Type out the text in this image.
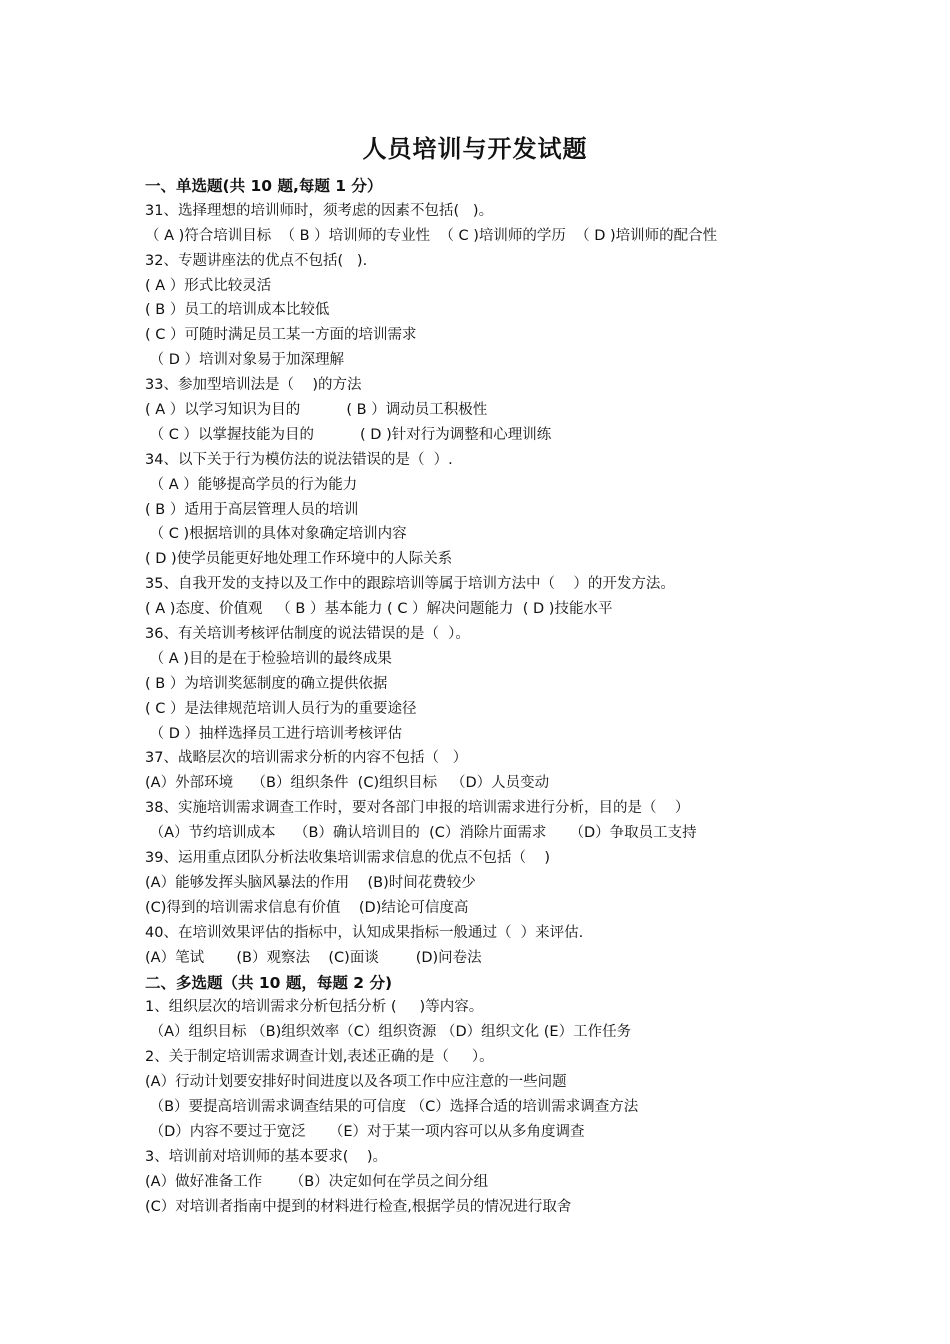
人员培训与开发试题
一、单选题(共 10 题,每题 1 分）
31、选择理想的培训师时，须考虑的因素不包括(   )。
（ A )符合培训目标  （ B ）培训师的专业性  （ C )培训师的学历  （ D )培训师的配合性
32、专题讲座法的优点不包括(   ).
( A ）形式比较灵活
( B ）员工的培训成本比较低
( C ）可随时满足员工某一方面的培训需求
（ D ）培训对象易于加深理解
33、参加型培训法是（    )的方法
( A ）以学习知识为目的          ( B ）调动员工积极性
（ C ）以掌握技能为目的          ( D )针对行为调整和心理训练
34、以下关于行为模仿法的说法错误的是（  ）.
（ A ）能够提高学员的行为能力
( B ）适用于高层管理人员的培训
（ C )根据培训的具体对象确定培训内容
( D )使学员能更好地处理工作环境中的人际关系
35、自我开发的支持以及工作中的跟踪培训等属于培训方法中（    ）的开发方法。
( A )态度、价值观   （ B ）基本能力 ( C ）解决问题能力  ( D )技能水平
36、有关培训考核评估制度的说法错误的是（  ）。
（ A )目的是在于检验培训的最终成果
( B ）为培训奖惩制度的确立提供依据
( C ）是法律规范培训人员行为的重要途径
（ D ）抽样选择员工进行培训考核评估
37、战略层次的培训需求分析的内容不包括（   ）
(A）外部环境    （B）组织条件  (C)组织目标   （D）人员变动
38、实施培训需求调查工作时，要对各部门申报的培训需求进行分析，目的是（    ）
（A）节约培训成本    （B）确认培训目的  (C）消除片面需求     （D）争取员工支持
39、运用重点团队分析法收集培训需求信息的优点不包括（    )
(A）能够发挥头脑风暴法的作用    (B)时间花费较少
(C)得到的培训需求信息有价值    (D)结论可信度高
40、在培训效果评估的指标中，认知成果指标一般通过（  ）来评估.
(A）笔试       (B）观察法    (C)面谈        (D)问卷法
二、多选题（共 10 题，每题 2 分)
1、组织层次的培训需求分析包括分析 (     )等内容。
（A）组织目标 （B)组织效率（C）组织资源 （D）组织文化 (E）工作任务
2、关于制定培训需求调查计划,表述正确的是（     ）。
(A）行动计划要安排好时间进度以及各项工作中应注意的一些问题
（B）要提高培训需求调查结果的可信度 （C）选择合适的培训需求调查方法
（D）内容不要过于宽泛     （E）对于某一项内容可以从多角度调查
3、培训前对培训师的基本要求(    )。
(A）做好准备工作      （B）决定如何在学员之间分组
(C）对培训者指南中提到的材料进行检查,根据学员的情况进行取舍
